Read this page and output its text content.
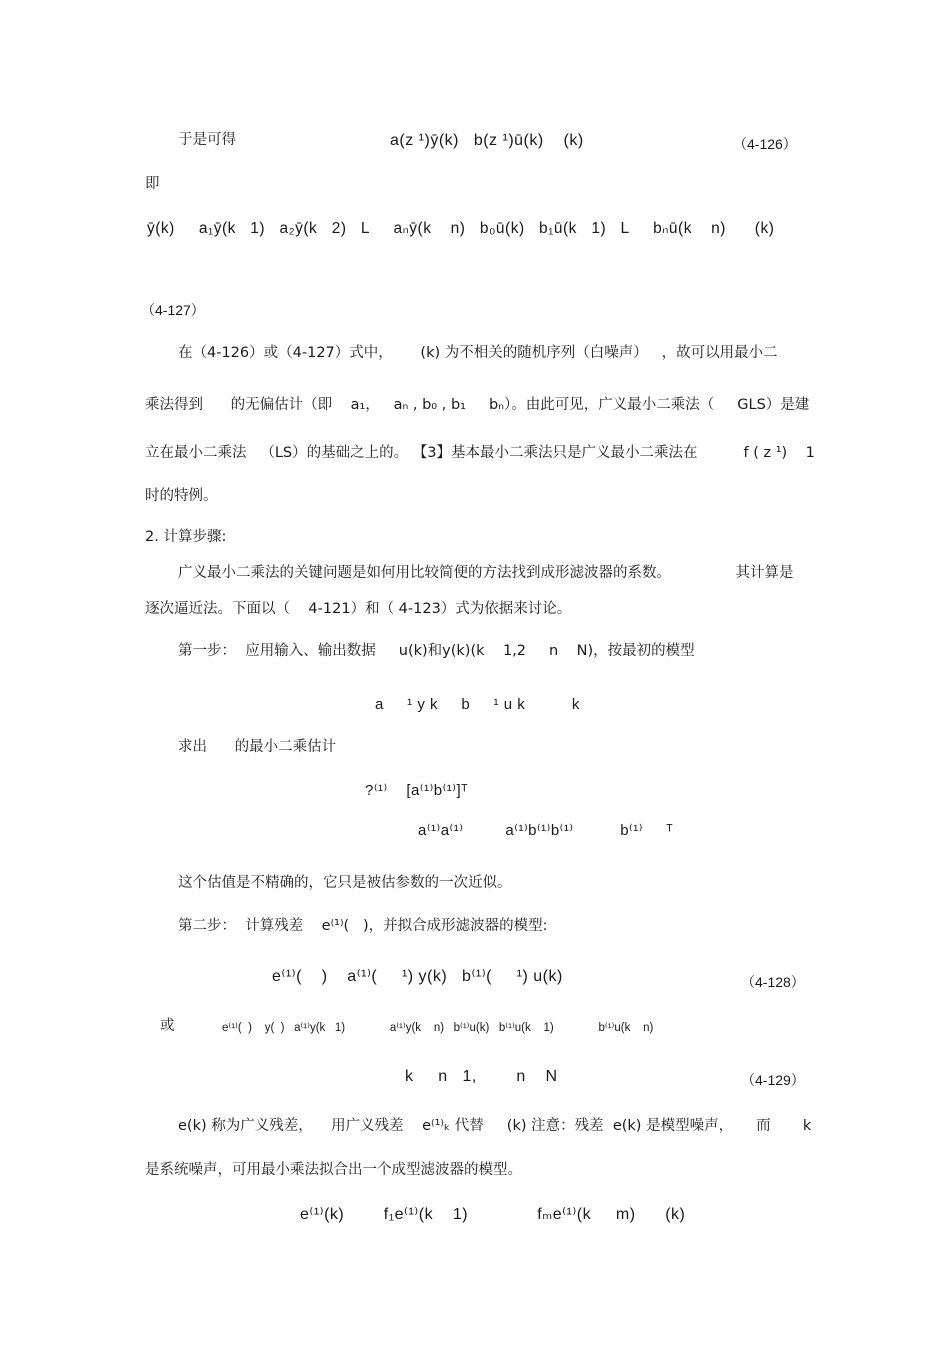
于是可得	a(z ¹)ȳ(k)   b(z ¹)ū(k)    (k)	（4-126）
即
ȳ(k)     a₁ȳ(k   1)   a₂ȳ(k   2)   L     aₙȳ(k    n)   b₀ū(k)   b₁ū(k   1)   L     bₙū(k    n)      (k)
（4-127）
在（4-126）或（4-127）式中，      (k) 为不相关的随机序列（白噪声）   ，故可以用最小二
乘法得到      的无偏估计（即    a₁，   aₙ , b₀ , b₁     bₙ）。由此可见，广义最小二乘法（     GLS）是建
立在最小二乘法   （LS）的基础之上的。 【3】基本最小二乘法只是广义最小二乘法在          f ( z ¹)    1
时的特例。
2. 计算步骤:
广义最小二乘法的关键问题是如何用比较简便的方法找到成形滤波器的系数。              其计算是
逐次逼近法。下面以（    4-121）和（ 4-123）式为依据来讨论。
第一步：  应用输入、输出数据     u(k)和y(k)(k    1,2     n    N)，按最初的模型
a     ¹ y k     b     ¹ u k          k
求出      的最小二乘估计
?⁽¹⁾    [a⁽¹⁾b⁽¹⁾]ᵀ
a⁽¹⁾a⁽¹⁾         a⁽¹⁾b⁽¹⁾b⁽¹⁾          b⁽¹⁾     ᵀ
这个估值是不精确的，它只是被估参数的一次近似。
第二步：  计算残差    e⁽¹⁾(   )，并拟合成形滤波器的模型:
e⁽¹⁾(    )    a⁽¹⁾(     ¹) y(k)   b⁽¹⁾(     ¹) u(k)	（4-128）
或	e⁽¹⁾(  )    y(  )   a⁽¹⁾y(k   1)              a⁽¹⁾y(k    n)   b⁽¹⁾u(k)   b⁽¹⁾u(k    1)              b⁽¹⁾u(k    n)
k     n   1,        n    N	（4-129）
e(k) 称为广义残差，    用广义残差    e⁽¹⁾ₖ 代替     (k) 注意：残差  e(k) 是模型噪声，     而       k
是系统噪声，可用最小乘法拟合出一个成型滤波器的模型。
e⁽¹⁾(k)        f₁e⁽¹⁾(k    1)              fₘe⁽¹⁾(k     m)      (k)
